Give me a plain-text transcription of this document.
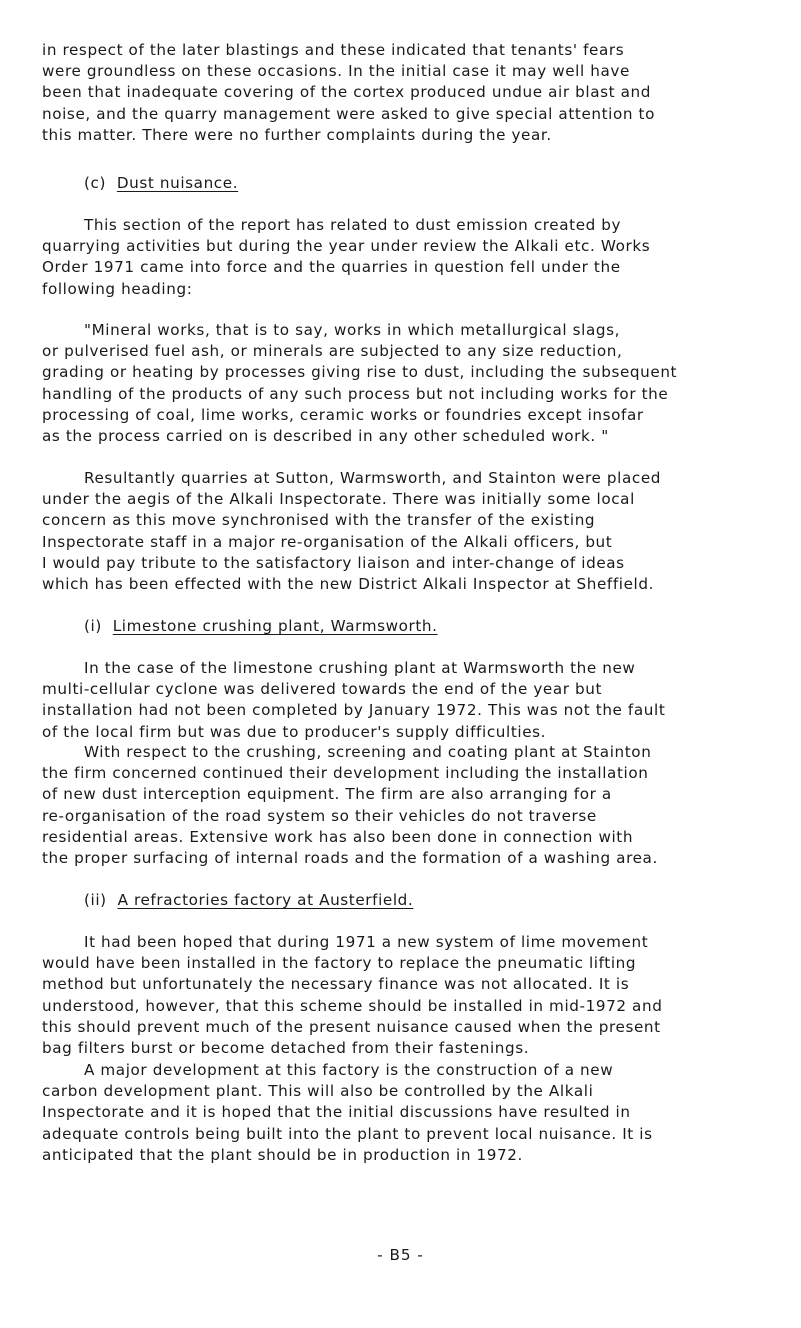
in respect of the later blastings and these indicated that tenants' fears
were groundless on these occasions. In the initial case it may well have
been that inadequate covering of the cortex produced undue air blast and
noise, and the quarry management were asked to give special attention to
this matter. There were no further complaints during the year.

(c) Dust nuisance.

This section of the report has related to dust emission created by
quarrying activities but during the year under review the Alkali etc. Works
Order 1971 came into force and the quarries in question fell under the
following heading:

"Mineral works, that is to say, works in which metallurgical slags,
or pulverised fuel ash, or minerals are subjected to any size reduction,
grading or heating by processes giving rise to dust, including the subsequent
handling of the products of any such process but not including works for the
processing of coal, lime works, ceramic works or foundries except insofar
as the process carried on is described in any other scheduled work. "

Resultantly quarries at Sutton, Warmsworth, and Stainton were placed
under the aegis of the Alkali Inspectorate. There was initially some local
concern as this move synchronised with the transfer of the existing
Inspectorate staff in a major re-organisation of the Alkali officers, but
I would pay tribute to the satisfactory liaison and inter-change of ideas
which has been effected with the new District Alkali Inspector at Sheffield.

(i) Limestone crushing plant, Warmsworth.

In the case of the limestone crushing plant at Warmsworth the new
multi-cellular cyclone was delivered towards the end of the year but
installation had not been completed by January 1972. This was not the fault
of the local firm but was due to producer's supply difficulties.

With respect to the crushing, screening and coating plant at Stainton
the firm concerned continued their development including the installation
of new dust interception equipment. The firm are also arranging for a
re-organisation of the road system so their vehicles do not traverse
residential areas. Extensive work has also been done in connection with
the proper surfacing of internal roads and the formation of a washing area.

(ii) A refractories factory at Austerfield.

It had been hoped that during 1971 a new system of lime movement
would have been installed in the factory to replace the pneumatic lifting
method but unfortunately the necessary finance was not allocated. It is
understood, however, that this scheme should be installed in mid-1972 and
this should prevent much of the present nuisance caused when the present
bag filters burst or become detached from their fastenings.

A major development at this factory is the construction of a new
carbon development plant. This will also be controlled by the Alkali
Inspectorate and it is hoped that the initial discussions have resulted in
adequate controls being built into the plant to prevent local nuisance. It is
anticipated that the plant should be in production in 1972.

- B5 -
